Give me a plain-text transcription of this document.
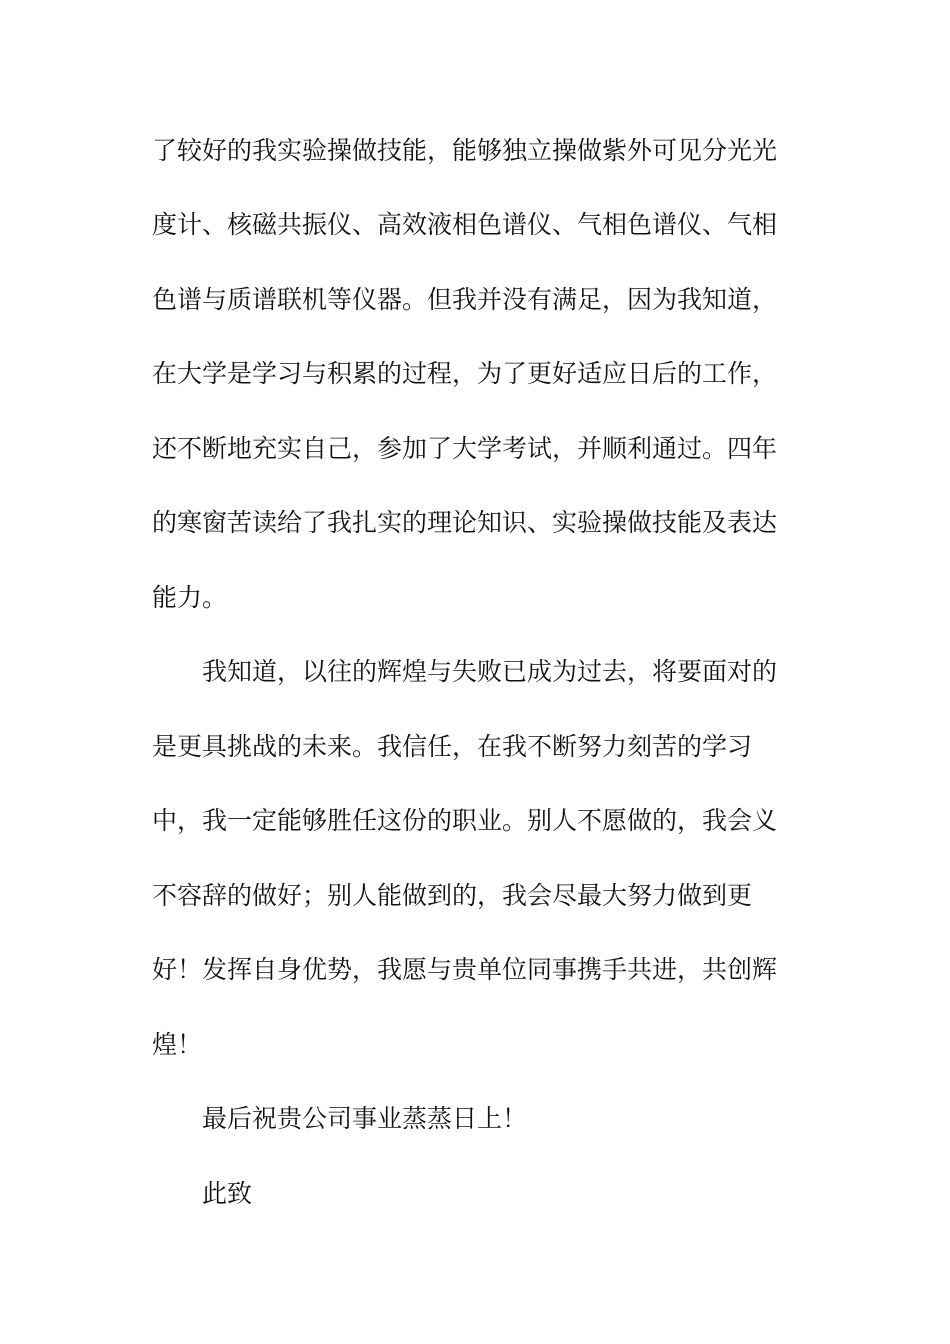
了较好的我实验操做技能，能够独立操做紫外可见分光光
度计、核磁共振仪、高效液相色谱仪、气相色谱仪、气相
色谱与质谱联机等仪器。但我并没有满足，因为我知道，
在大学是学习与积累的过程，为了更好适应日后的工作，
还不断地充实自己，参加了大学考试，并顺利通过。四年
的寒窗苦读给了我扎实的理论知识、实验操做技能及表达
能力。
我知道，以往的辉煌与失败已成为过去，将要面对的
是更具挑战的未来。我信任，在我不断努力刻苦的学习
中，我一定能够胜任这份的职业。别人不愿做的，我会义
不容辞的做好；别人能做到的，我会尽最大努力做到更
好！发挥自身优势，我愿与贵单位同事携手共进，共创辉
煌！
最后祝贵公司事业蒸蒸日上！
此致
